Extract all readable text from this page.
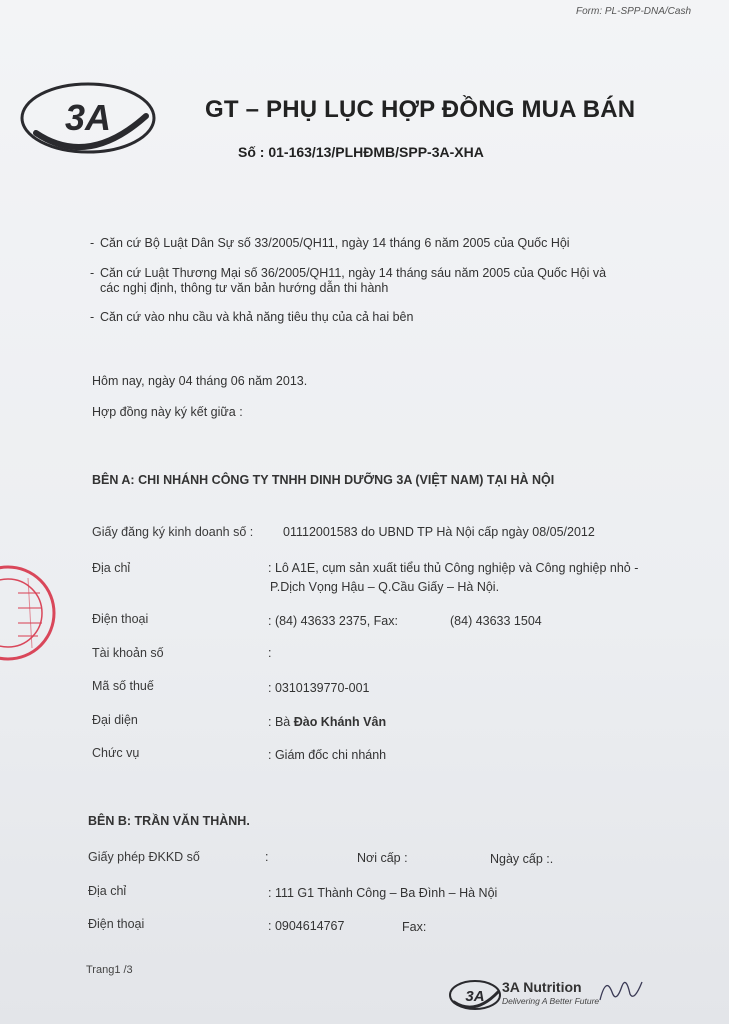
Form: PL-SPP-DNA/Cash
3A	GT – PHỤ LỤC HỢP ĐỒNG MUA BÁN
Số : 01-163/13/PLHĐMB/SPP-3A-XHA
- Căn cứ Bộ Luật Dân Sự số 33/2005/QH11, ngày 14 tháng 6 năm 2005 của Quốc Hội
- Căn cứ Luật Thương Mại số 36/2005/QH11, ngày 14 tháng sáu năm 2005 của Quốc Hội và
các nghị định, thông tư văn bản hướng dẫn thi hành
- Căn cứ vào nhu cầu và khả năng tiêu thụ của cả hai bên
Hôm nay, ngày 04 tháng 06 năm 2013.
Hợp đồng này ký kết giữa :
BÊN A: CHI NHÁNH CÔNG TY TNHH DINH DƯỠNG 3A (VIỆT NAM) TẠI HÀ NỘI
Giấy đăng ký kinh doanh số : 01112001583 do UBND TP Hà Nội cấp ngày 08/05/2012
Địa chỉ	: Lô A1E, cụm sản xuất tiểu thủ Công nghiệp và Công nghiệp nhỏ -
P.Dịch Vọng Hậu – Q.Cầu Giấy – Hà Nội.
Điện thoại	: (84) 43633 2375, Fax:	(84) 43633 1504
Tài khoản số	:
Mã số thuế	: 0310139770-001
Đại diện	: Bà Đào Khánh Vân
Chức vụ	: Giám đốc chi nhánh
BÊN B: TRẦN VĂN THÀNH.
Giấy phép ĐKKD số	:	Nơi cấp :	Ngày cấp :.
Địa chỉ	: 111 G1 Thành Công – Ba Đình – Hà Nội
Điện thoại	: 0904614767	Fax:
Trang1 /3
3A
3A Nutrition
Delivering A Better Future
